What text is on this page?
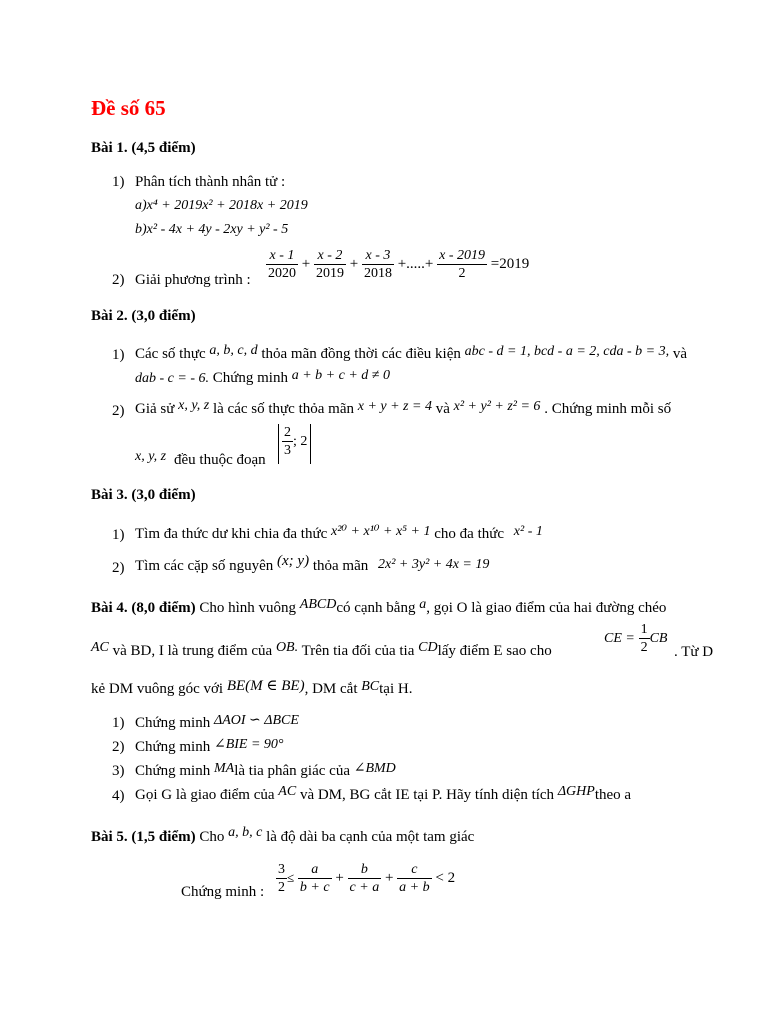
Đề số 65
Bài 1. (4,5 điểm)
1) Phân tích thành nhân tử :
a)x⁴ + 2019x² + 2018x + 2019
b)x² - 4x + 4y - 2xy + y² - 5
2) Giải phương trình : $\frac{x - 1}{2020} + \frac{x - 2}{2019} + \frac{x - 3}{2018}$ +.....+ $\frac{x - 2019}{2} =2019$
Bài 2. (3,0 điểm)
1) Các số thực a, b, c, d thỏa mãn đồng thời các điều kiện abc - d = 1, bcd - a = 2, cda - b = 3, và
dab - c = - 6. Chứng minh a + b + c + d ≠ 0
2) Giả sử x, y, z là các số thực thỏa mãn x + y + z = 4 và x² + y² + z² = 6 . Chứng minh mỗi số
x, y, z đều thuộc đoạn
$\frac{2}{3}$ ; 2
Bài 3. (3,0 điểm)
1) Tìm đa thức dư khi chia đa thức x²⁰ + x¹⁰ + x⁵ + 1 cho đa thức x² - 1
2) Tìm các cặp số nguyên (x; y) thỏa mãn 2x² + 3y² + 4x = 19
Bài 4. (8,0 điểm) Cho hình vuông ABCDcó cạnh bằng a, gọi O là giao điểm của hai đường chéo
AC và BD, I là trung điểm của OB. Trên tia đối của tia CDlấy điểm E sao cho
CE = $\frac{1}{2}$ CB
. Từ D
kẻ DM vuông góc với BE(M ∈ BE), DM cắt BCtại H.
1) Chứng minh ΔAOI ∽ ΔBCE
2) Chứng minh ∠BIE = 90°
3) Chứng minh MAlà tia phân giác của ∠BMD
4) Gọi G là giao điểm của AC và DM, BG cắt IE tại P. Hãy tính diện tích ΔGHPtheo a
Bài 5. (1,5 điểm) Cho a, b, c là độ dài ba cạnh của một tam giác
Chứng minh : $\frac{3}{2} \le \frac{a}{b + c} + \frac{b}{c + a} + \frac{c}{a + b} < 2$
